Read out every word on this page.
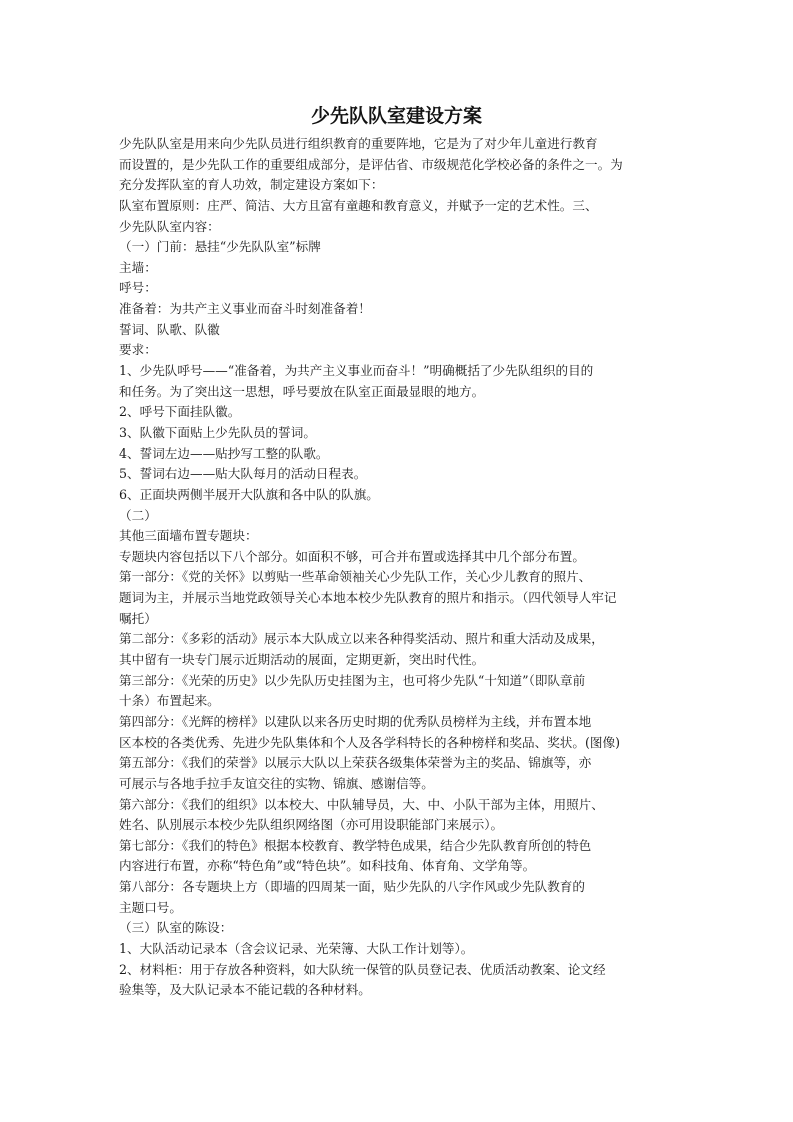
少先队队室建设方案
少先队队室是用来向少先队员进行组织教育的重要阵地，它是为了对少年儿童进行教育
而设置的，是少先队工作的重要组成部分，是评估省、市级规范化学校必备的条件之一。为
充分发挥队室的育人功效，制定建设方案如下：
队室布置原则：庄严、简洁、大方且富有童趣和教育意义，并赋予一定的艺术性。三、
少先队队室内容：
（一）门前：悬挂“少先队队室”标牌
主墙：
呼号：
准备着：为共产主义事业而奋斗时刻准备着！
誓词、队歌、队徽
要求：
1、少先队呼号——“准备着，为共产主义事业而奋斗！”明确概括了少先队组织的目的
和任务。为了突出这一思想，呼号要放在队室正面最显眼的地方。
2、呼号下面挂队徽。
3、队徽下面贴上少先队员的誓词。
4、誓词左边——贴抄写工整的队歌。
5、誓词右边——贴大队每月的活动日程表。
6、正面块两侧半展开大队旗和各中队的队旗。
（二）
其他三面墙布置专题块：
专题块内容包括以下八个部分。如面积不够，可合并布置或选择其中几个部分布置。
第一部分：《党的关怀》以剪贴一些革命领袖关心少先队工作，关心少儿教育的照片、
题词为主，并展示当地党政领导关心本地本校少先队教育的照片和指示。（四代领导人牢记
嘱托）
第二部分：《多彩的活动》展示本大队成立以来各种得奖活动、照片和重大活动及成果，
其中留有一块专门展示近期活动的展面，定期更新，突出时代性。
第三部分：《光荣的历史》以少先队历史挂图为主，也可将少先队“十知道”（即队章前
十条）布置起来。
第四部分：《光辉的榜样》以建队以来各历史时期的优秀队员榜样为主线，并布置本地
区本校的各类优秀、先进少先队集体和个人及各学科特长的各种榜样和奖品、奖状。(图像)
第五部分：《我们的荣誉》以展示大队以上荣获各级集体荣誉为主的奖品、锦旗等，亦
可展示与各地手拉手友谊交往的实物、锦旗、感谢信等。
第六部分：《我们的组织》以本校大、中队辅导员，大、中、小队干部为主体，用照片、
姓名、队別展示本校少先队组织网络图（亦可用设职能部门来展示）。
第七部分：《我们的特色》根据本校教育、教学特色成果，结合少先队教育所创的特色
内容进行布置，亦称“特色角”或“特色块”。如科技角、体育角、文学角等。
第八部分：各专题块上方（即墙的四周某一面，贴少先队的八字作风或少先队教育的
主题口号。
（三）队室的陈设：
1、大队活动记录本（含会议记录、光荣簿、大队工作计划等）。
2、材料柜：用于存放各种资料，如大队统一保管的队员登记表、优质活动教案、论文经
验集等，及大队记录本不能记载的各种材料。
